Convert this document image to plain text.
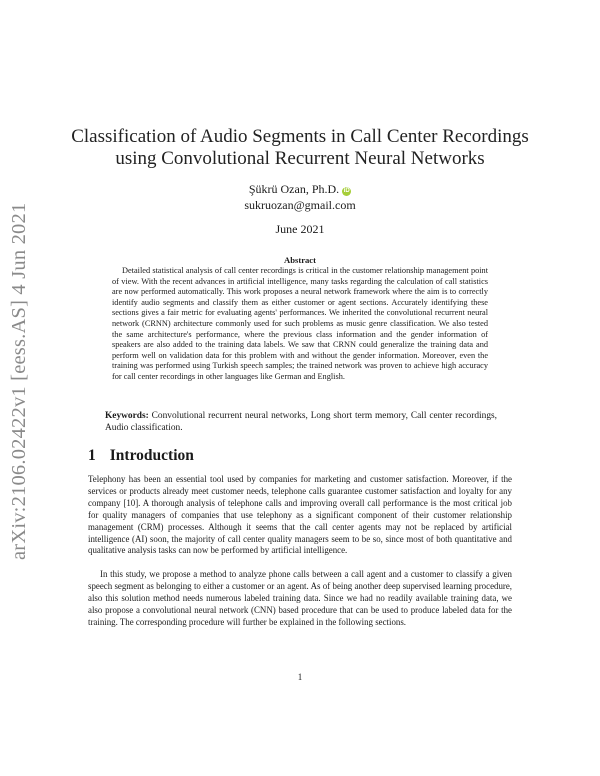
arXiv:2106.02422v1 [eess.AS] 4 Jun 2021
Classification of Audio Segments in Call Center Recordings using Convolutional Recurrent Neural Networks
Şükrü Ozan, Ph.D. iD
sukruozan@gmail.com
June 2021
Abstract

Detailed statistical analysis of call center recordings is critical in the customer relationship management point of view. With the recent advances in artificial intelligence, many tasks regarding the calculation of call statistics are now performed automatically. This work proposes a neural network framework where the aim is to correctly identify audio segments and classify them as either customer or agent sections. Accurately identifying these sections gives a fair metric for evaluating agents' performances. We inherited the convolutional recurrent neural network (CRNN) architecture commonly used for such problems as music genre classification. We also tested the same architecture's performance, where the previous class information and the gender information of speakers are also added to the training data labels. We saw that CRNN could generalize the training data and perform well on validation data for this problem with and without the gender information. Moreover, even the training was performed using Turkish speech samples; the trained network was proven to achieve high accuracy for call center recordings in other languages like German and English.

Keywords: Convolutional recurrent neural networks, Long short term memory, Call center recordings, Audio classification.

1 Introduction

Telephony has been an essential tool used by companies for marketing and customer satisfaction. Moreover, if the services or products already meet customer needs, telephone calls guarantee customer satisfaction and loyalty for any company [10]. A thorough analysis of telephone calls and improving overall call performance is the most critical job for quality managers of companies that use telephony as a significant component of their customer relationship management (CRM) processes. Although it seems that the call center agents may not be replaced by artificial intelligence (AI) soon, the majority of call center quality managers seem to be so, since most of both quantitative and qualitative analysis tasks can now be performed by artificial intelligence.

In this study, we propose a method to analyze phone calls between a call agent and a customer to classify a given speech segment as belonging to either a customer or an agent. As of being another deep supervised learning procedure, also this solution method needs numerous labeled training data. Since we had no readily available training data, we also propose a convolutional neural network (CNN) based procedure that can be used to produce labeled data for the training. The corresponding procedure will further be explained in the following sections.

1
